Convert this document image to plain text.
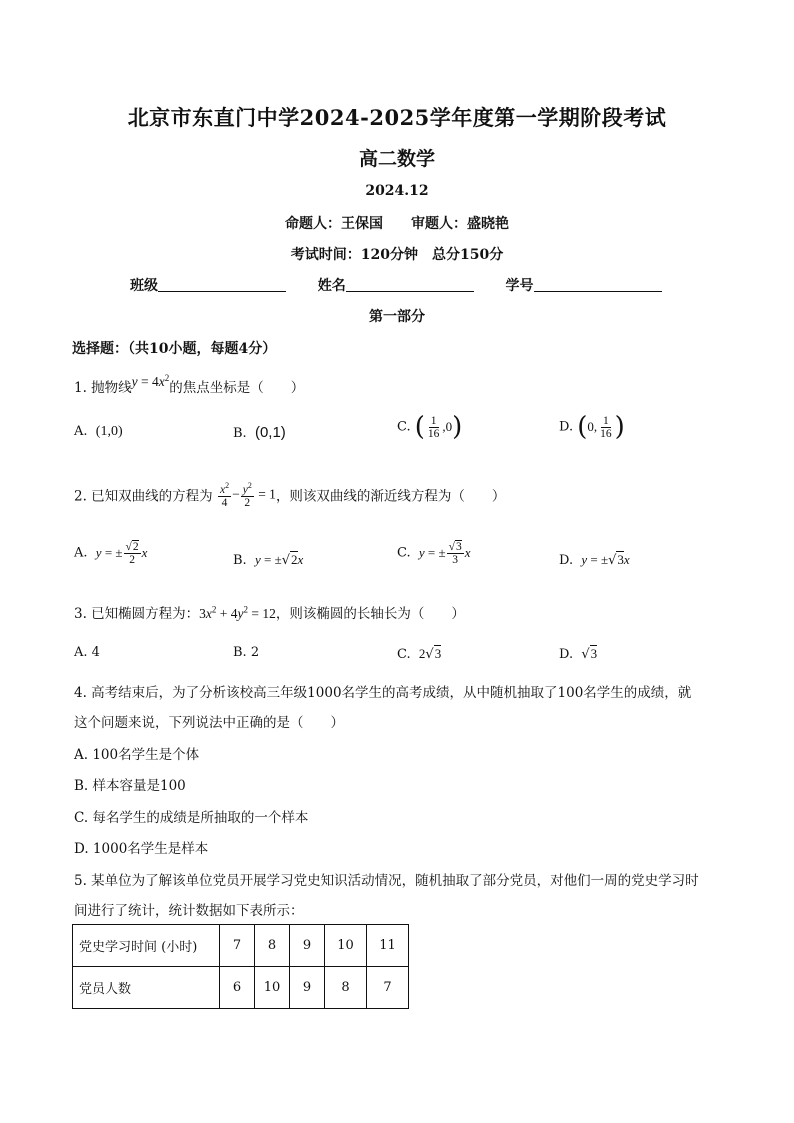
北京市东直门中学2024-2025学年度第一学期阶段考试
高二数学
2024.12
命题人：王保国　　审题人：盛晓艳
考试时间：120分钟　总分150分
班级	姓名	学号
第一部分
选择题：（共10小题，每题4分）
1. 抛物线$y = 4x^2$的焦点坐标是（　　）
A. (1,0)	B. (0,1)	C. ( $\frac{1}{16} ,0$)	D. (0, $\frac{1}{16}$ )
2. 已知双曲线的方程为 $\frac{x^2}{4} - \frac{y^2}{2} = 1$，则该双曲线的渐近线方程为（　　）
A. y = ± $\frac{√2}{2}$ x
B. y = ±√2x	C. y = ± $\frac{√3}{3}$ x
D. y = ±√3x
3. 已知椭圆方程为：$3x^2 + 4y^2 = 12$，则该椭圆的长轴长为（　　）
A. 4	B. 2	C. 2√3	D. √3
4. 高考结束后，为了分析该校高三年级1000名学生的高考成绩，从中随机抽取了100名学生的成绩，就
这个问题来说，下列说法中正确的是（　　）
A. 100名学生是个体
B. 样本容量是100
C. 每名学生的成绩是所抽取的一个样本
D. 1000名学生是样本
5. 某单位为了解该单位党员开展学习党史知识活动情况，随机抽取了部分党员，对他们一周的党史学习时
间进行了统计，统计数据如下表所示：
党史学习时间 (小时)	7	8	9	10	11
党员人数	6	10	9	8	7
